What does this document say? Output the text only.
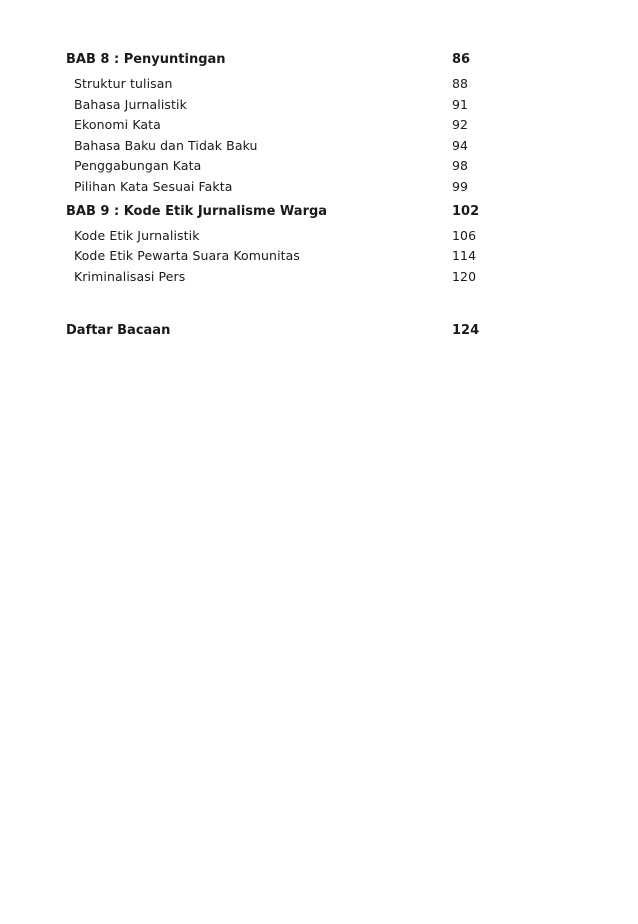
BAB 8 : Penyuntingan	86
Struktur tulisan	88
Bahasa Jurnalistik	91
Ekonomi Kata	92
Bahasa Baku dan Tidak Baku	94
Penggabungan Kata	98
Pilihan Kata Sesuai Fakta	99
BAB 9 : Kode Etik Jurnalisme Warga	102
Kode Etik Jurnalistik	106
Kode Etik Pewarta Suara Komunitas	114
Kriminalisasi Pers	120
Daftar Bacaan	124
